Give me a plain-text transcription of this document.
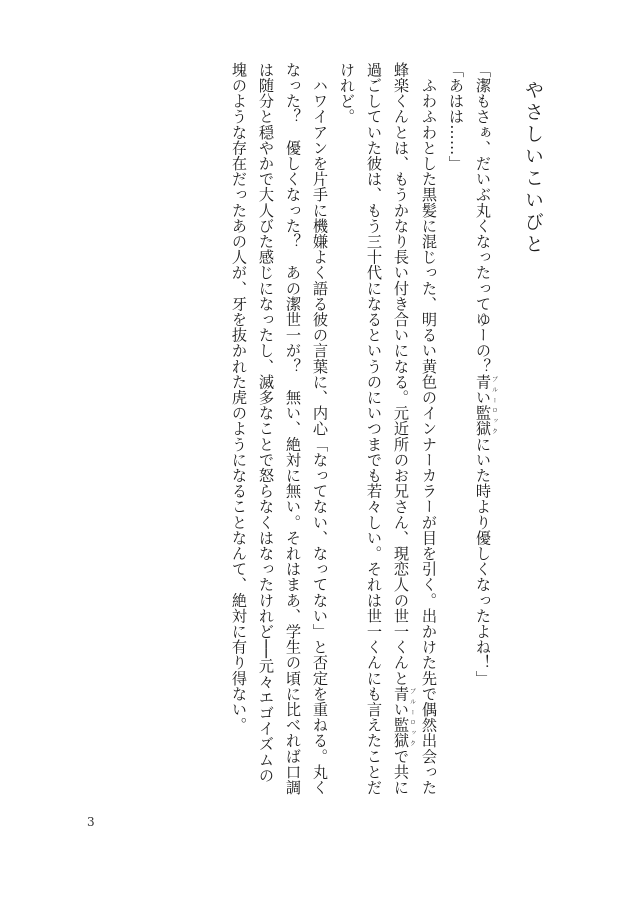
やさしいこいびと
「潔もさぁ、だいぶ丸くなったってゆーの？青い監獄ブルーロックにいた時より優しくなったよね！」
「あはは……」
　ふわふわとした黒髪に混じった、明るい黄色のインナーカラーが目を引く。出かけた先で偶然出会った
蜂楽くんとは、もうかなり長い付き合いになる。元近所のお兄さん、現恋人の世一くんと青い監獄ブルーロックで共に
過ごしていた彼は、もう三十代になるというのにいつまでも若々しい。それは世一くんにも言えたことだ
けれど。
　ハワイアンを片手に機嫌よく語る彼の言葉に、内心「なってない、なってない」と否定を重ねる。丸く
なった？　優しくなった？　あの潔世一が？　無い、絶対に無い。それはまあ、学生の頃に比べれば口調
は随分と穏やかで大人びた感じになったし、滅多なことで怒らなくはなったけれど──元々エゴイズムの
塊のような存在だったあの人が、牙を抜かれた虎のようになることなんて、絶対に有り得ない。
3
